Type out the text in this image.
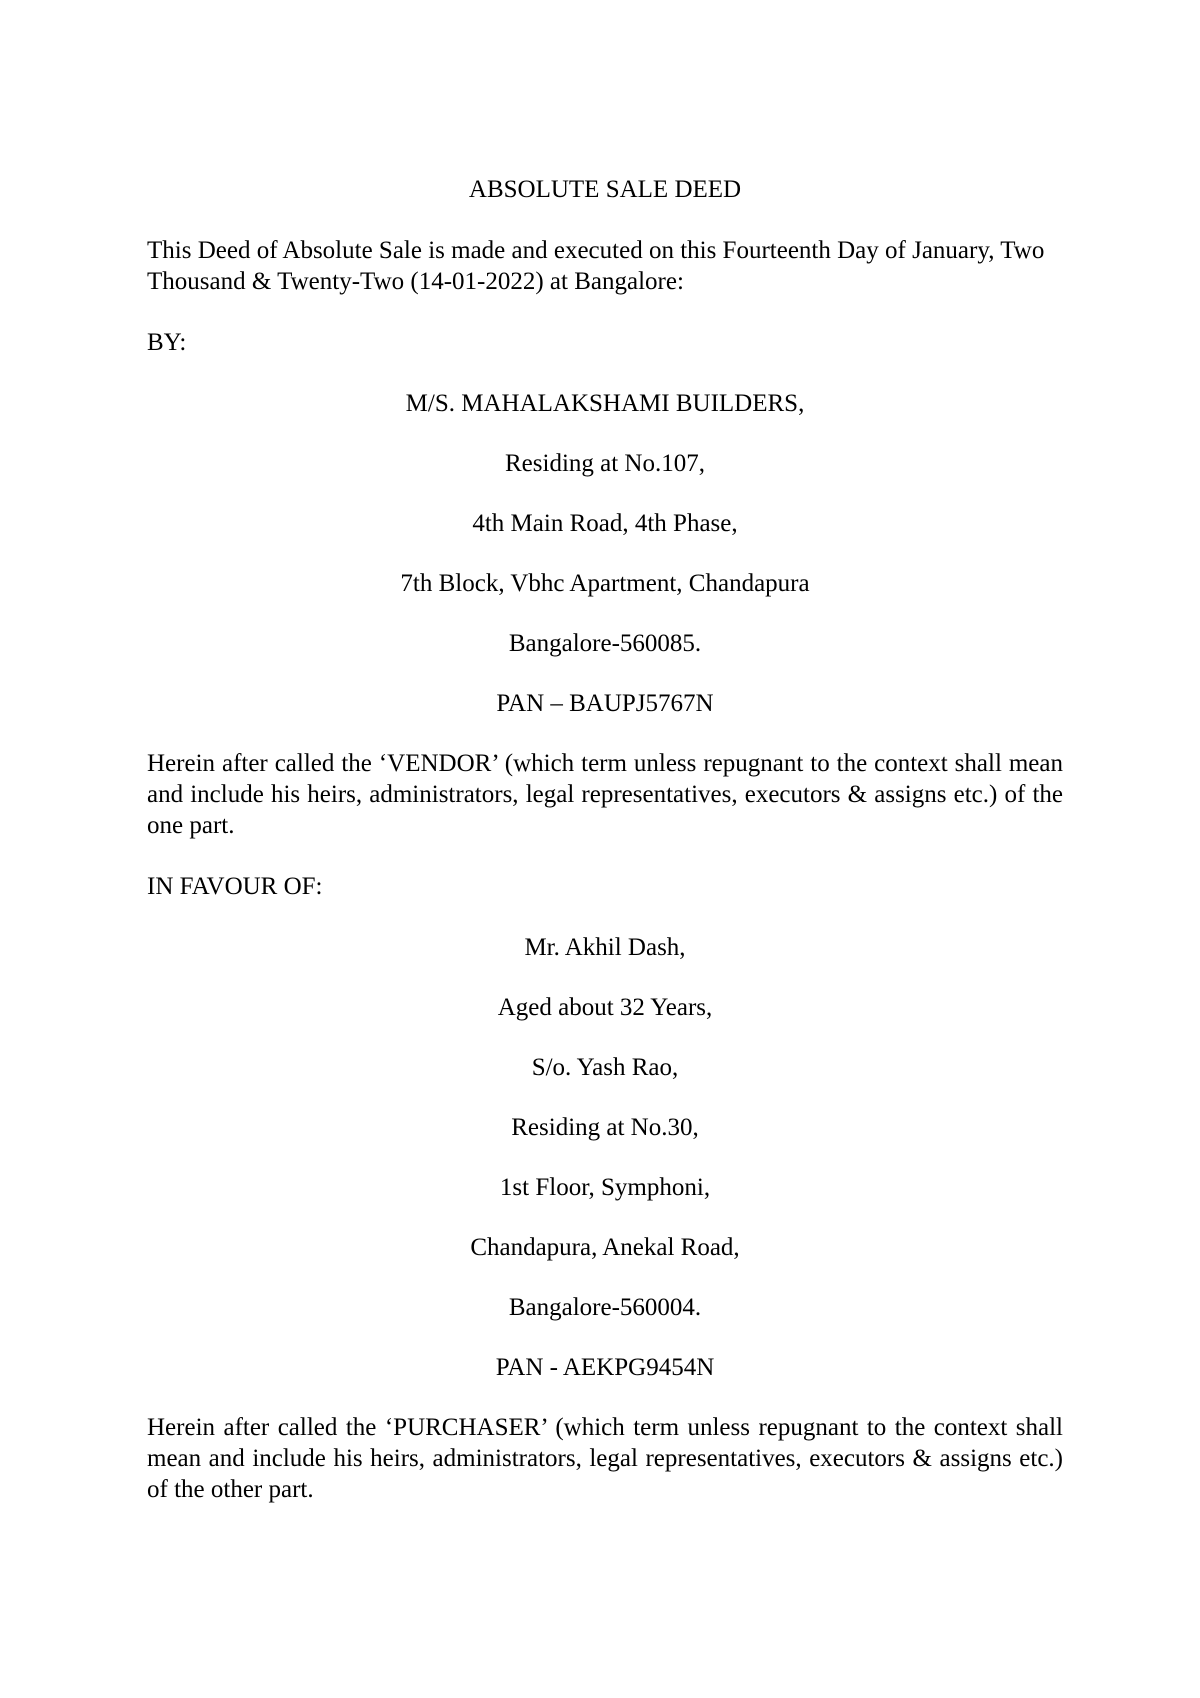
ABSOLUTE SALE DEED
This Deed of Absolute Sale is made and executed on this Fourteenth Day of January, Two Thousand & Twenty-Two (14-01-2022) at Bangalore:
BY:
M/S. MAHALAKSHAMI BUILDERS,
Residing at No.107,
4th Main Road, 4th Phase,
7th Block, Vbhc Apartment, Chandapura
Bangalore-560085.
PAN – BAUPJ5767N
Herein after called the ‘VENDOR’ (which term unless repugnant to the context shall mean and include his heirs, administrators, legal representatives, executors & assigns etc.) of the one part.
IN FAVOUR OF:
Mr. Akhil Dash,
Aged about 32 Years,
S/o. Yash Rao,
Residing at No.30,
1st Floor, Symphoni,
Chandapura, Anekal Road,
Bangalore-560004.
PAN - AEKPG9454N
Herein after called the ‘PURCHASER’ (which term unless repugnant to the context shall mean and include his heirs, administrators, legal representatives, executors & assigns etc.) of the other part.
